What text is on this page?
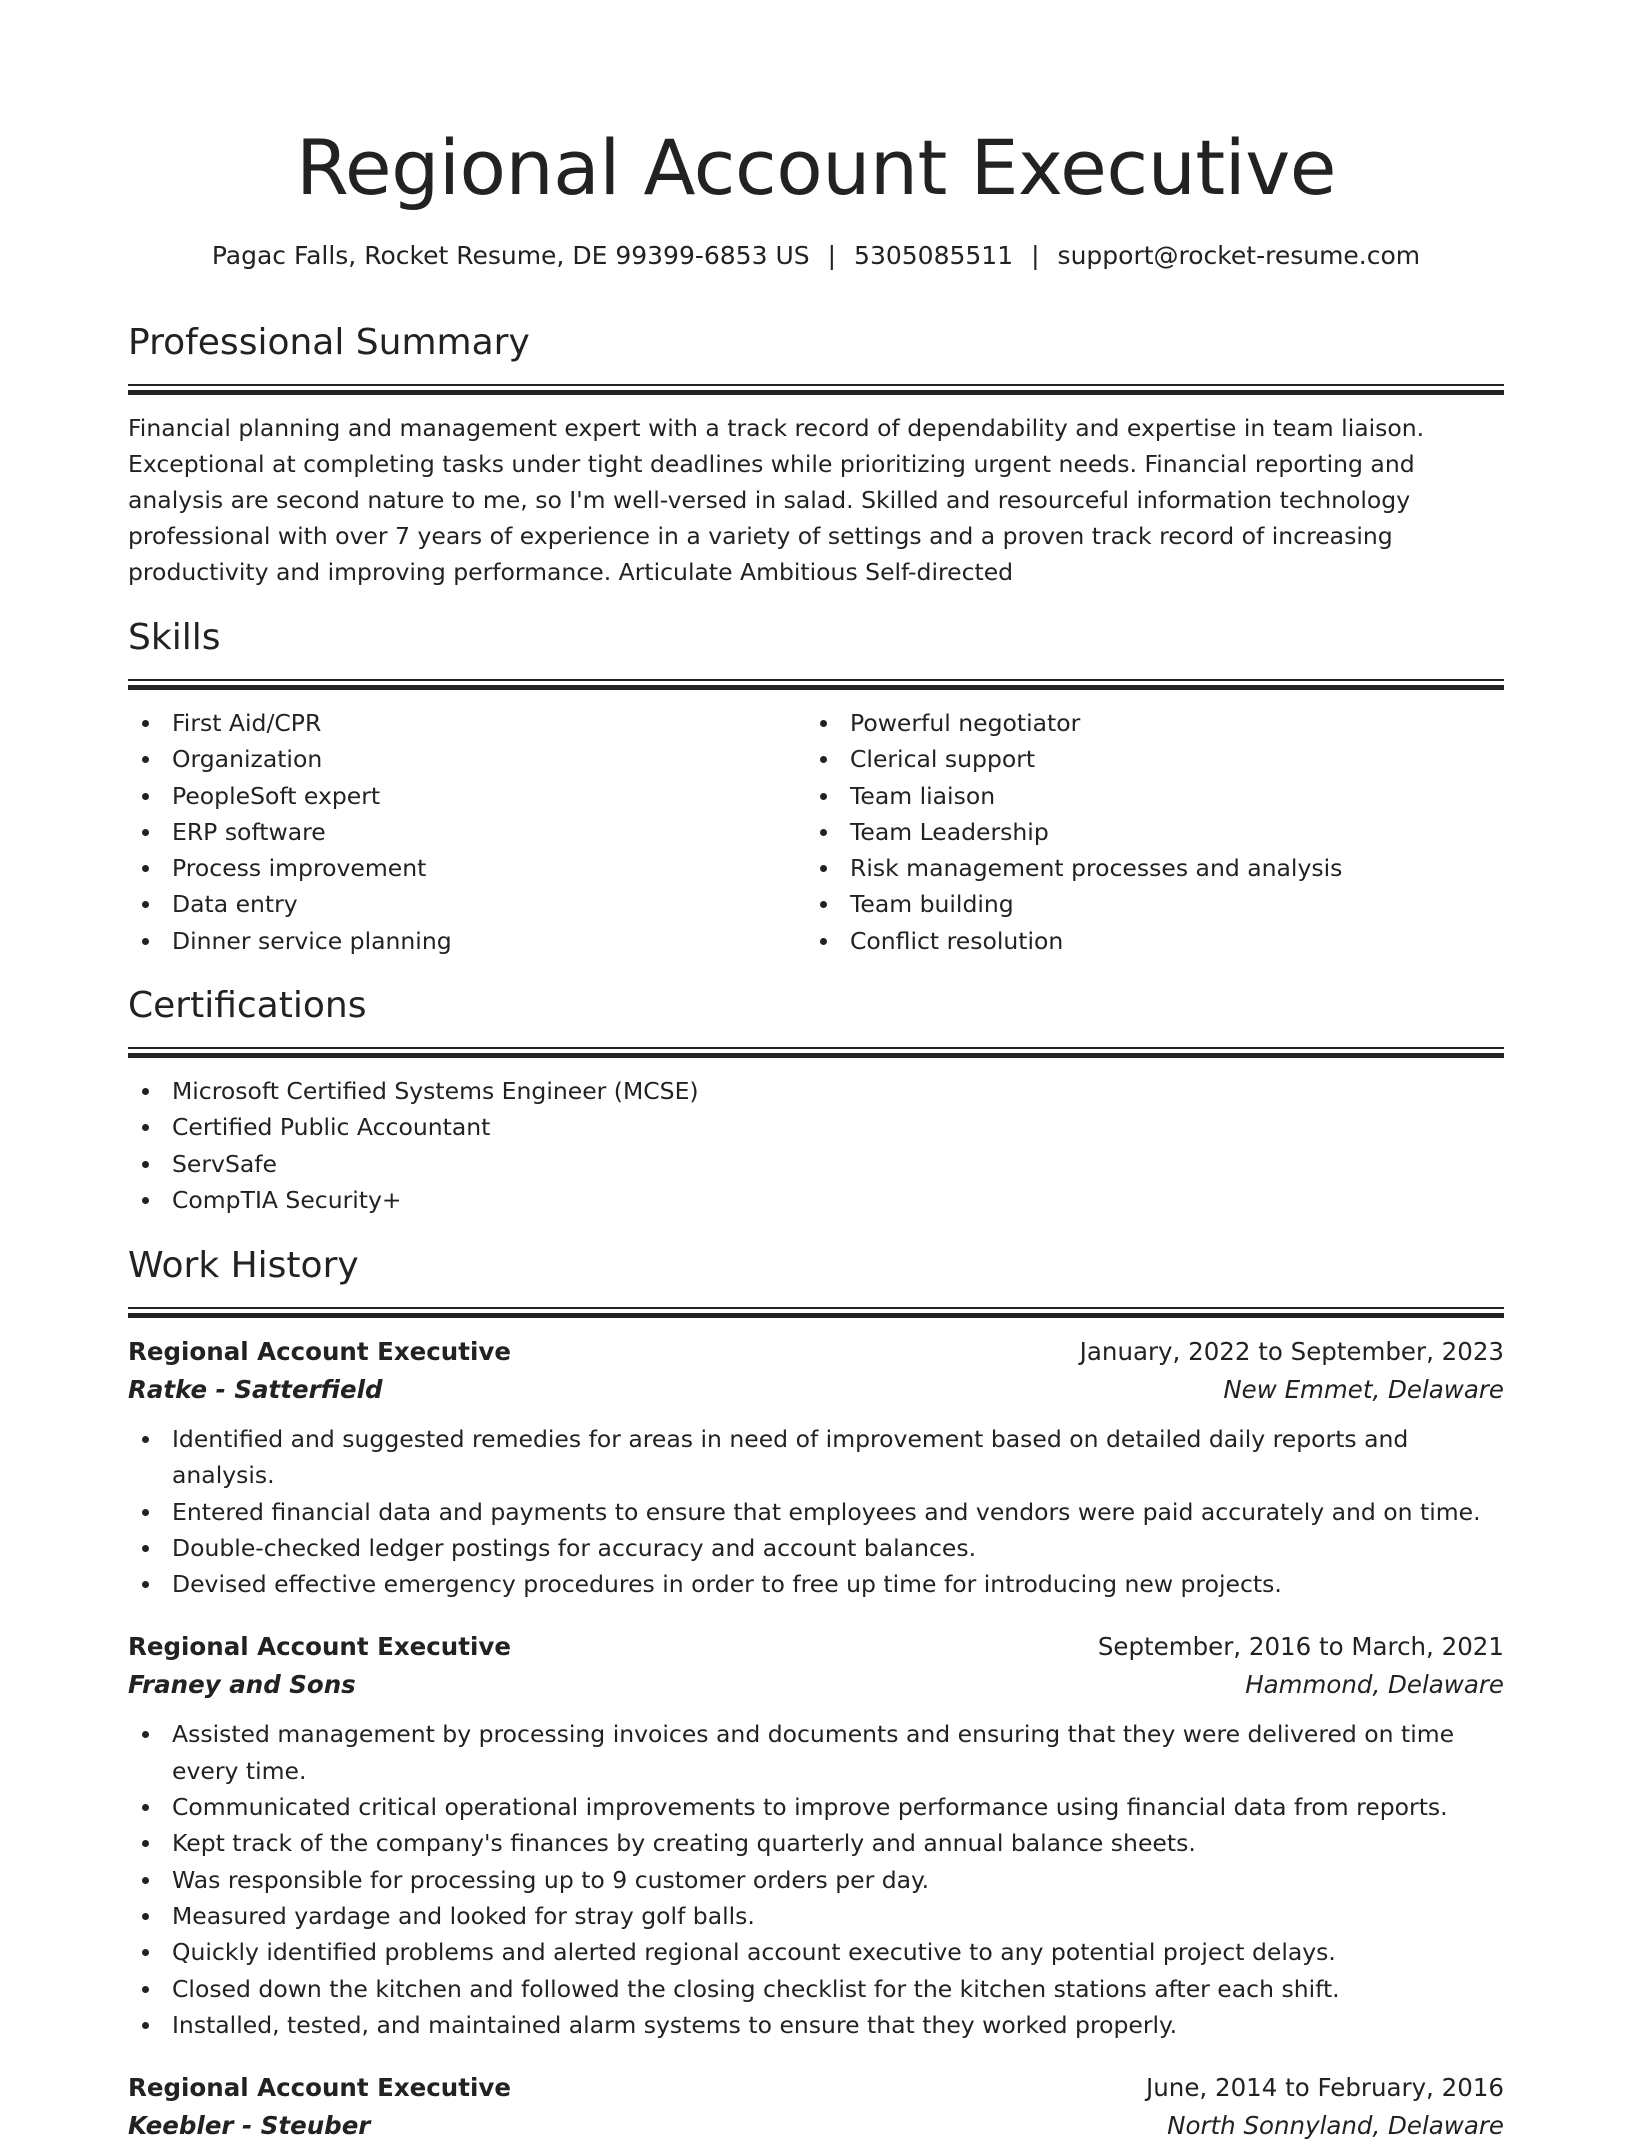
Regional Account Executive
Pagac Falls, Rocket Resume, DE 99399-6853 US | 5305085511 | support@rocket-resume.com
Professional Summary

Financial planning and management expert with a track record of dependability and expertise in team liaison. Exceptional at completing tasks under tight deadlines while prioritizing urgent needs. Financial reporting and analysis are second nature to me, so I'm well-versed in salad. Skilled and resourceful information technology professional with over 7 years of experience in a variety of settings and a proven track record of increasing productivity and improving performance. Articulate Ambitious Self-directed

Skills
First Aid/CPR
Organization
PeopleSoft expert
ERP software
Process improvement
Data entry
Dinner service planning
Powerful negotiator
Clerical support
Team liaison
Team Leadership
Risk management processes and analysis
Team building
Conflict resolution
Certifications
Microsoft Certified Systems Engineer (MCSE)
Certified Public Accountant
ServSafe
CompTIA Security+
Work History
Regional Account Executive	January, 2022 to September, 2023
Ratke - Satterfield	New Emmet, Delaware
Identified and suggested remedies for areas in need of improvement based on detailed daily reports and analysis.
Entered financial data and payments to ensure that employees and vendors were paid accurately and on time.
Double-checked ledger postings for accuracy and account balances.
Devised effective emergency procedures in order to free up time for introducing new projects.
Regional Account Executive	September, 2016 to March, 2021
Franey and Sons	Hammond, Delaware
Assisted management by processing invoices and documents and ensuring that they were delivered on time every time.
Communicated critical operational improvements to improve performance using financial data from reports.
Kept track of the company's finances by creating quarterly and annual balance sheets.
Was responsible for processing up to 9 customer orders per day.
Measured yardage and looked for stray golf balls.
Quickly identified problems and alerted regional account executive to any potential project delays.
Closed down the kitchen and followed the closing checklist for the kitchen stations after each shift.
Installed, tested, and maintained alarm systems to ensure that they worked properly.
Regional Account Executive	June, 2014 to February, 2016
Keebler - Steuber	North Sonnyland, Delaware
